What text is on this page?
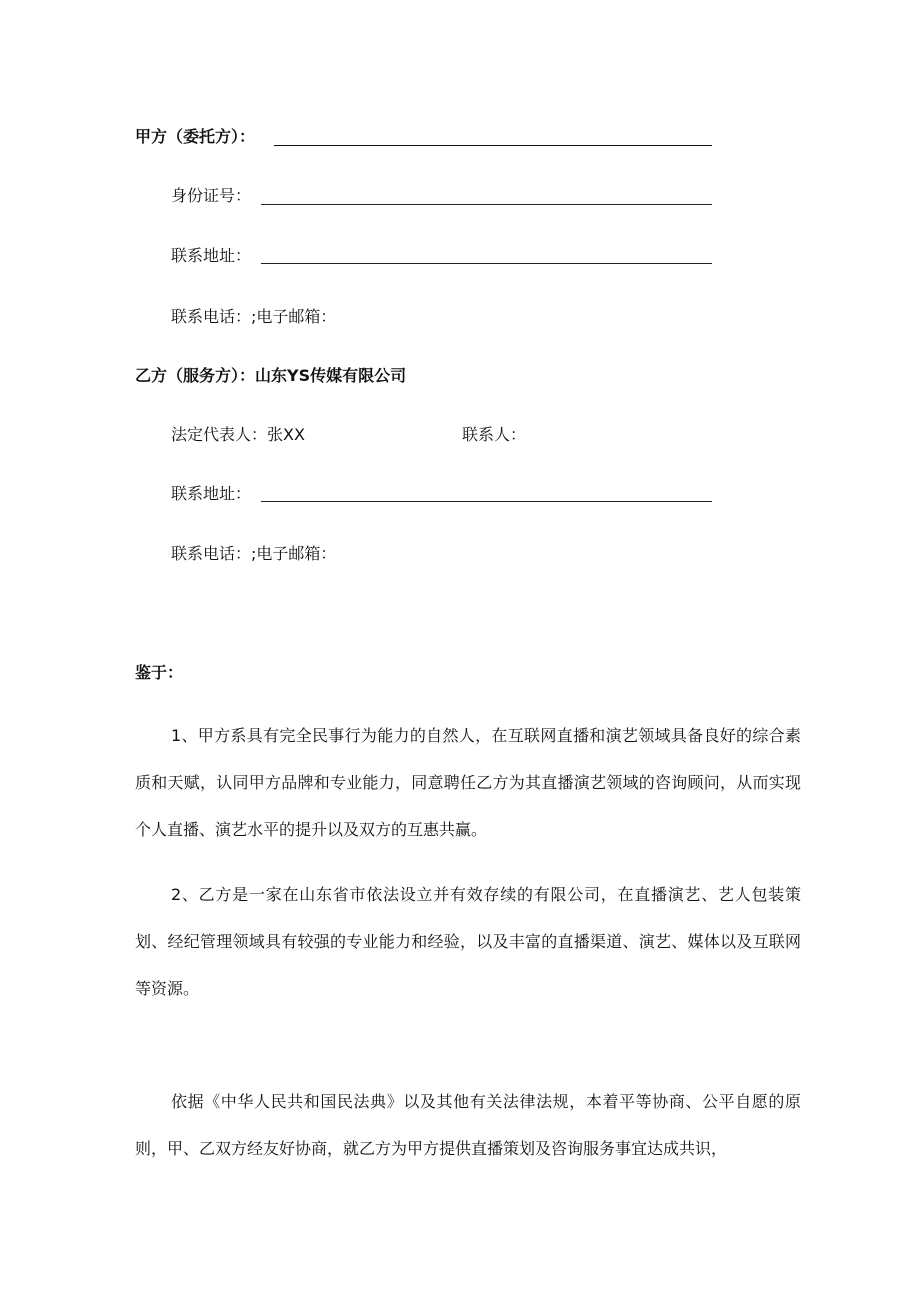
甲方（委托方）：
身份证号：
联系地址：
联系电话：;电子邮箱：
乙方（服务方）：山东YS传媒有限公司
法定代表人：张XX	联系人：
联系地址：
联系电话：;电子邮箱：
鉴于：

1、甲方系具有完全民事行为能力的自然人，在互联网直播和演艺领域具备良好的综合素质和天赋，认同甲方品牌和专业能力，同意聘任乙方为其直播演艺领域的咨询顾问，从而实现个人直播、演艺水平的提升以及双方的互惠共赢。

2、乙方是一家在山东省市依法设立并有效存续的有限公司，在直播演艺、艺人包装策划、经纪管理领域具有较强的专业能力和经验，以及丰富的直播渠道、演艺、媒体以及互联网等资源。

依据《中华人民共和国民法典》以及其他有关法律法规，本着平等协商、公平自愿的原则，甲、乙双方经友好协商，就乙方为甲方提供直播策划及咨询服务事宜达成共识，
